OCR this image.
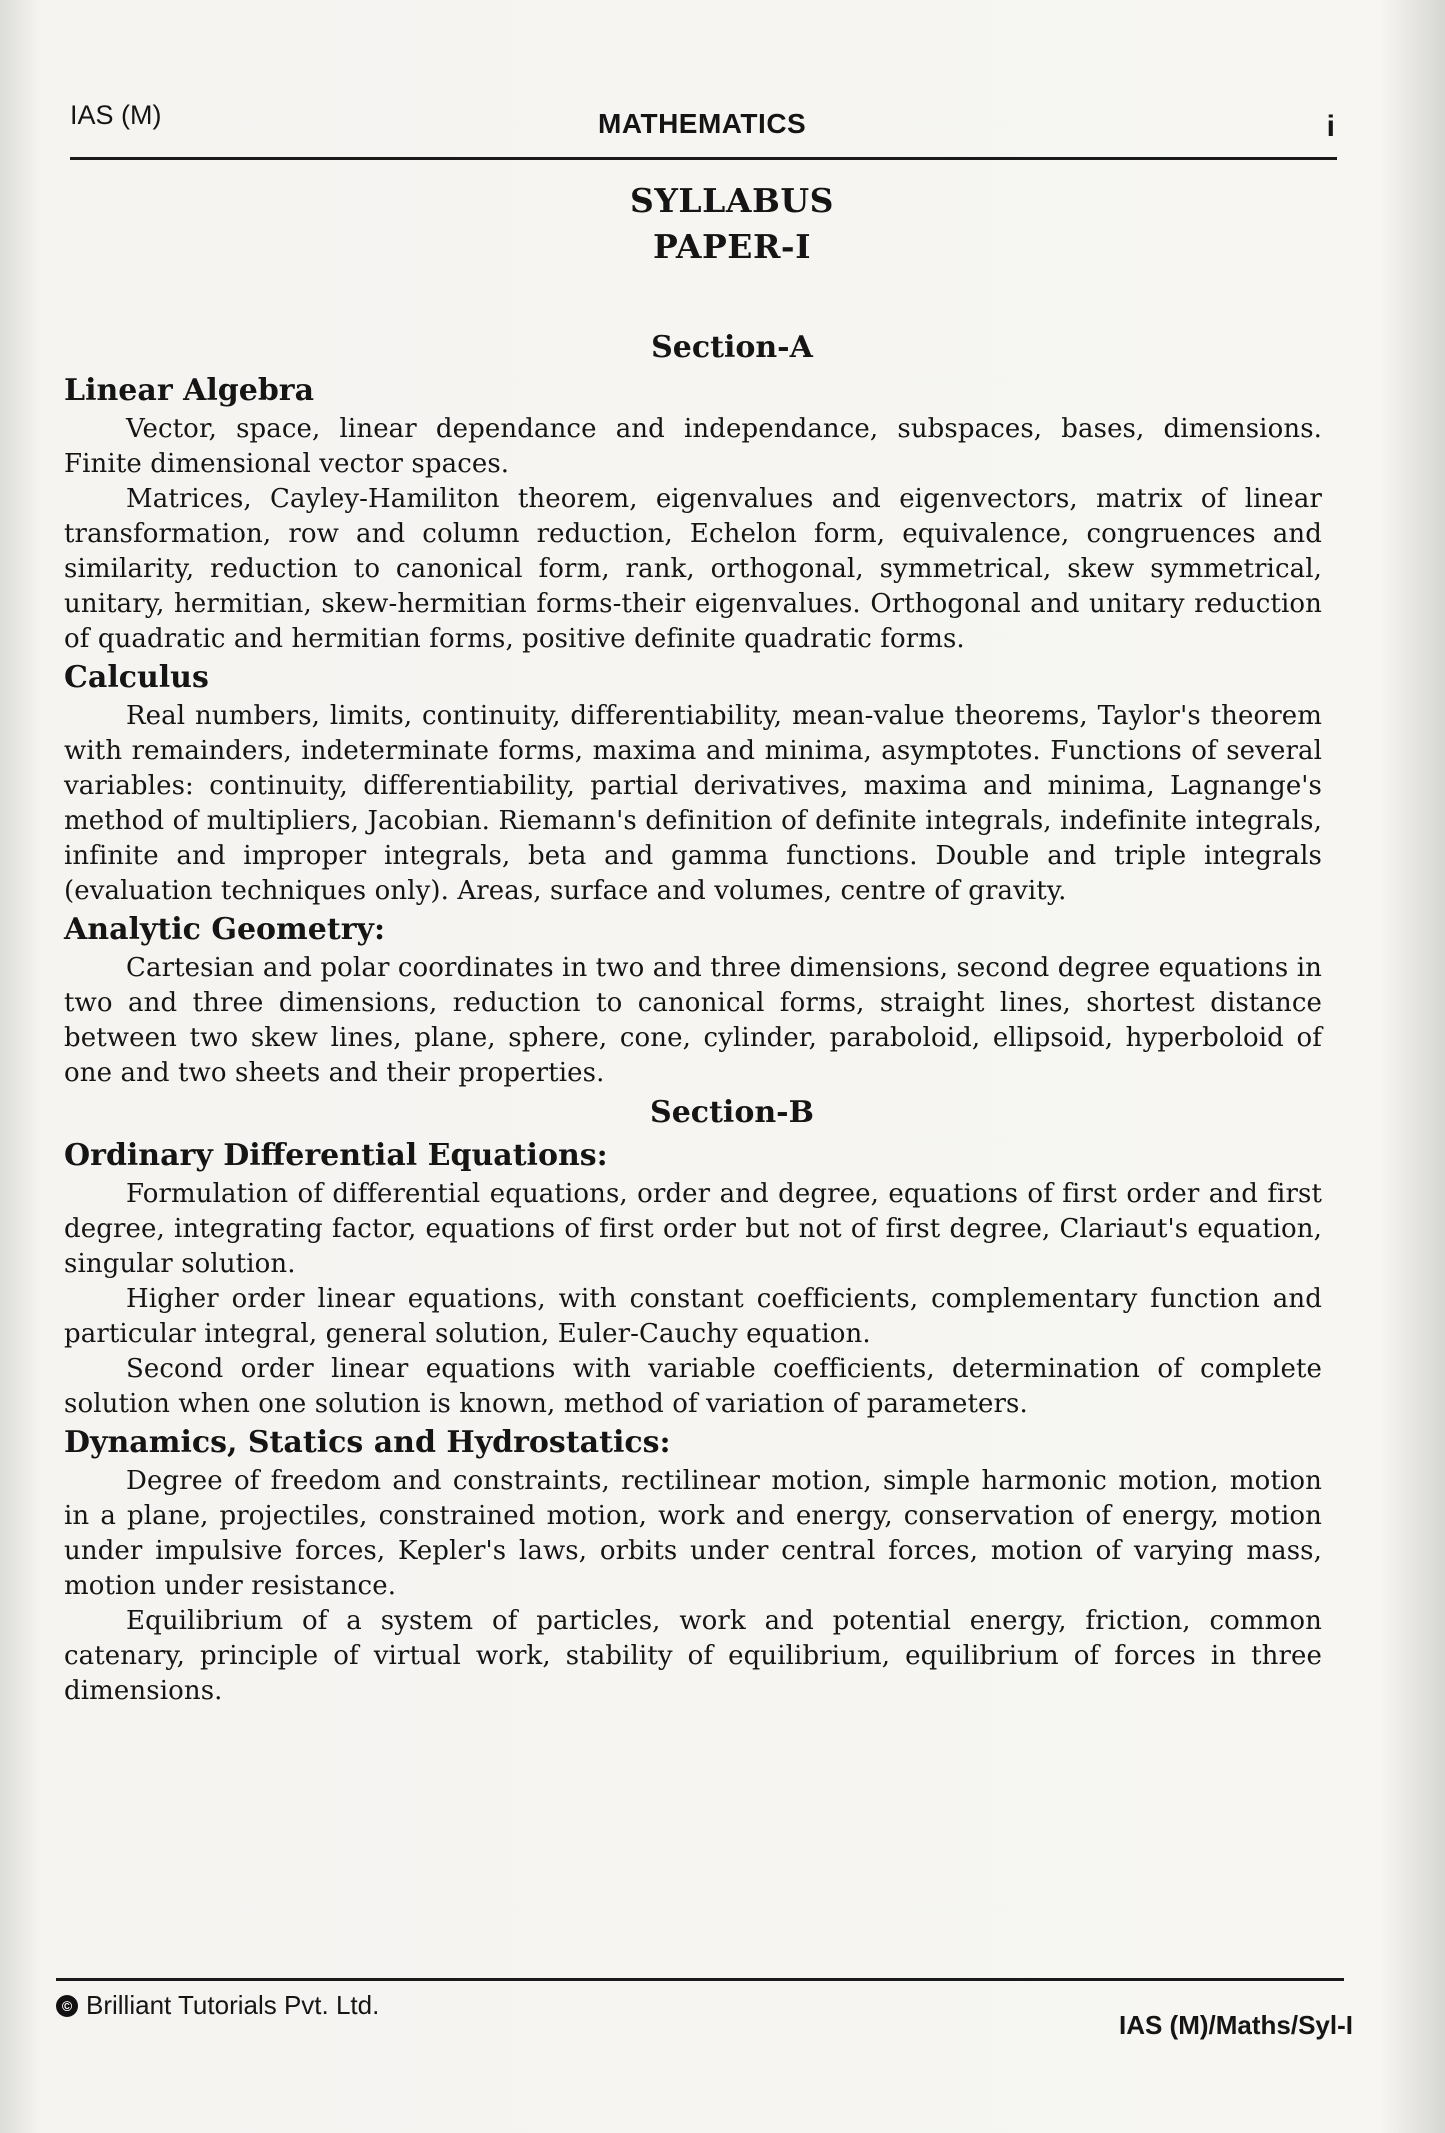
IAS (M)	MATHEMATICS	i
SYLLABUS
PAPER-I
Section-A
Linear Algebra

Vector, space, linear dependance and independance, subspaces, bases, dimensions. Finite dimensional vector spaces.

Matrices, Cayley-Hamiliton theorem, eigenvalues and eigenvectors, matrix of linear transformation, row and column reduction, Echelon form, equivalence, congruences and similarity, reduction to canonical form, rank, orthogonal, symmetrical, skew symmetrical, unitary, hermitian, skew-hermitian forms-their eigenvalues. Orthogonal and unitary reduction of quadratic and hermitian forms, positive definite quadratic forms.

Calculus

Real numbers, limits, continuity, differentiability, mean-value theorems, Taylor's theorem with remainders, indeterminate forms, maxima and minima, asymptotes. Functions of several variables: continuity, differentiability, partial derivatives, maxima and minima, Lagnange's method of multipliers, Jacobian. Riemann's definition of definite integrals, indefinite integrals, infinite and improper integrals, beta and gamma functions. Double and triple integrals (evaluation techniques only). Areas, surface and volumes, centre of gravity.

Analytic Geometry:

Cartesian and polar coordinates in two and three dimensions, second degree equations in two and three dimensions, reduction to canonical forms, straight lines, shortest distance between two skew lines, plane, sphere, cone, cylinder, paraboloid, ellipsoid, hyperboloid of one and two sheets and their properties.

Section-B
Ordinary Differential Equations:

Formulation of differential equations, order and degree, equations of first order and first degree, integrating factor, equations of first order but not of first degree, Clariaut's equation, singular solution.

Higher order linear equations, with constant coefficients, complementary function and particular integral, general solution, Euler-Cauchy equation.

Second order linear equations with variable coefficients, determination of complete solution when one solution is known, method of variation of parameters.

Dynamics, Statics and Hydrostatics:

Degree of freedom and constraints, rectilinear motion, simple harmonic motion, motion in a plane, projectiles, constrained motion, work and energy, conservation of energy, motion under impulsive forces, Kepler's laws, orbits under central forces, motion of varying mass, motion under resistance.

Equilibrium of a system of particles, work and potential energy, friction, common catenary, principle of virtual work, stability of equilibrium, equilibrium of forces in three dimensions.

© Brilliant Tutorials Pvt. Ltd.
IAS (M)/Maths/Syl-I
